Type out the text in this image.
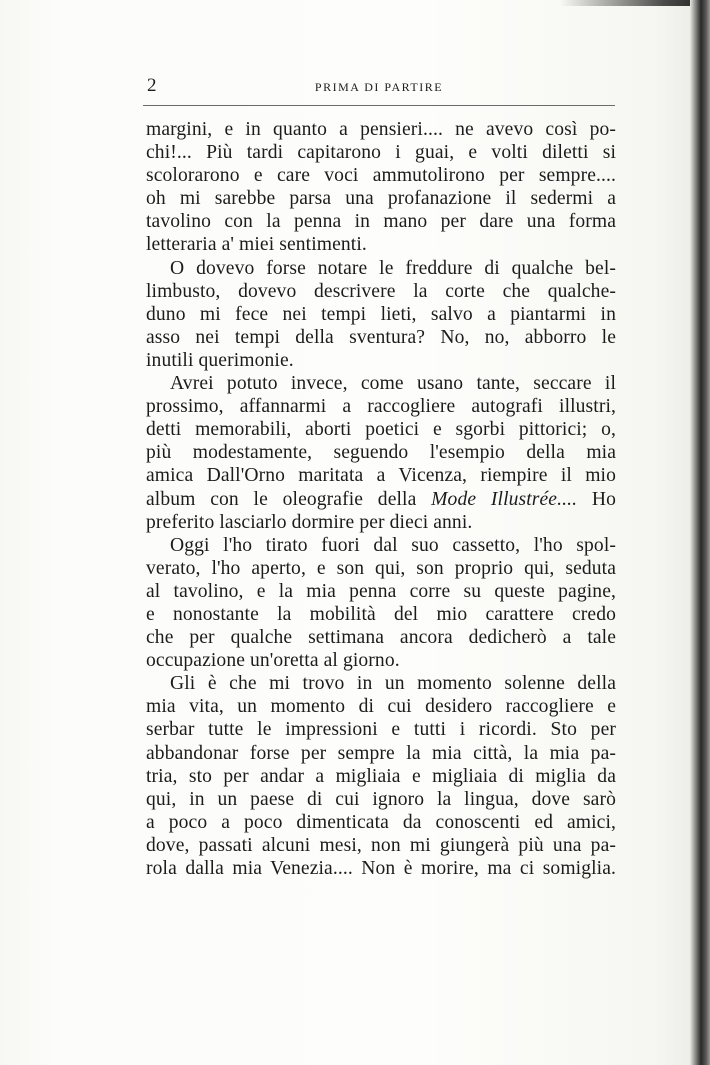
2	PRIMA DI PARTIRE
margini, e in quanto a pensieri.... ne avevo così po-
chi!... Più tardi capitarono i guai, e volti diletti si
scolorarono e care voci ammutolirono per sempre....
oh mi sarebbe parsa una profanazione il sedermi a
tavolino con la penna in mano per dare una forma
letteraria a' miei sentimenti.
O dovevo forse notare le freddure di qualche bel-
limbusto, dovevo descrivere la corte che qualche-
duno mi fece nei tempi lieti, salvo a piantarmi in
asso nei tempi della sventura? No, no, abborro le
inutili querimonie.
Avrei potuto invece, come usano tante, seccare il
prossimo, affannarmi a raccogliere autografi illustri,
detti memorabili, aborti poetici e sgorbi pittorici; o,
più modestamente, seguendo l'esempio della mia
amica Dall'Orno maritata a Vicenza, riempire il mio
album con le oleografie della Mode Illustrée.... Ho
preferito lasciarlo dormire per dieci anni.
Oggi l'ho tirato fuori dal suo cassetto, l'ho spol-
verato, l'ho aperto, e son qui, son proprio qui, seduta
al tavolino, e la mia penna corre su queste pagine,
e nonostante la mobilità del mio carattere credo
che per qualche settimana ancora dedicherò a tale
occupazione un'oretta al giorno.
Gli è che mi trovo in un momento solenne della
mia vita, un momento di cui desidero raccogliere e
serbar tutte le impressioni e tutti i ricordi. Sto per
abbandonar forse per sempre la mia città, la mia pa-
tria, sto per andar a migliaia e migliaia di miglia da
qui, in un paese di cui ignoro la lingua, dove sarò
a poco a poco dimenticata da conoscenti ed amici,
dove, passati alcuni mesi, non mi giungerà più una pa-
rola dalla mia Venezia.... Non è morire, ma ci somiglia.
